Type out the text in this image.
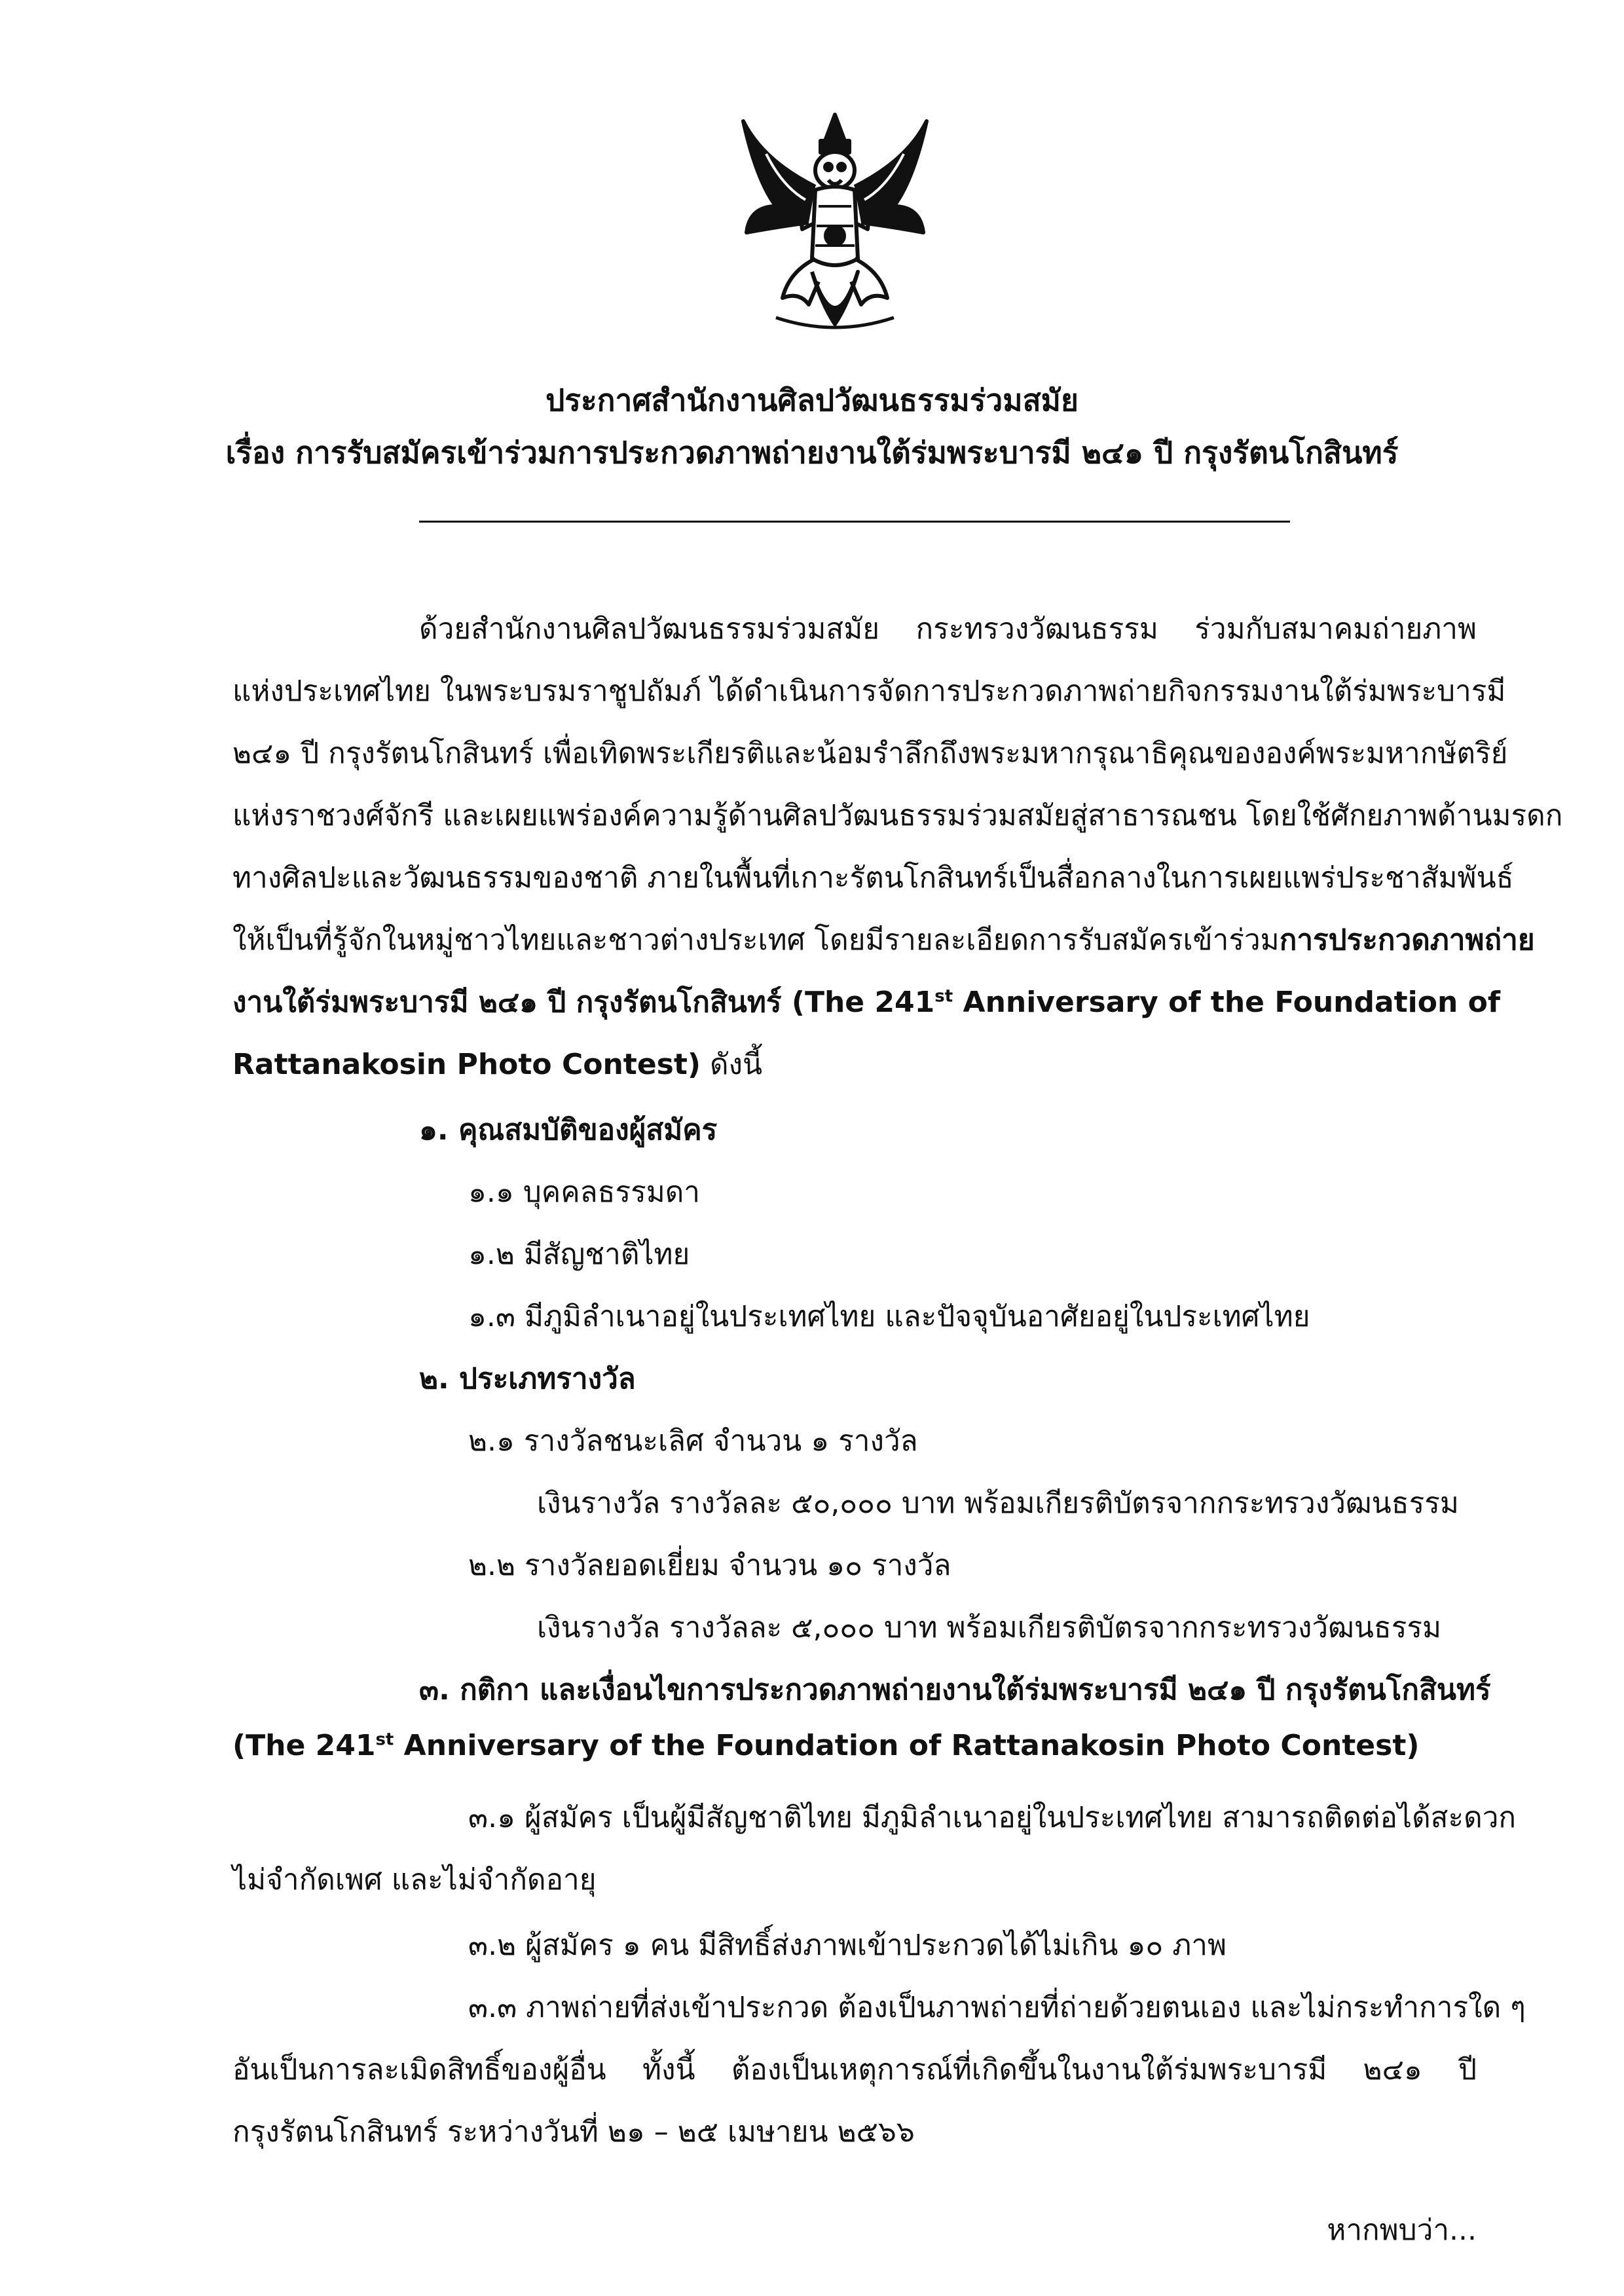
ประกาศสำนักงานศิลปวัฒนธรรมร่วมสมัย
เรื่อง การรับสมัครเข้าร่วมการประกวดภาพถ่ายงานใต้ร่มพระบารมี ๒๔๑ ปี กรุงรัตนโกสินทร์
ด้วยสำนักงานศิลปวัฒนธรรมร่วมสมัย กระทรวงวัฒนธรรม ร่วมกับสมาคมถ่ายภาพ
แห่งประเทศไทย ในพระบรมราชูปถัมภ์ ได้ดำเนินการจัดการประกวดภาพถ่ายกิจกรรมงานใต้ร่มพระบารมี
๒๔๑ ปี กรุงรัตนโกสินทร์ เพื่อเทิดพระเกียรติและน้อมรำลึกถึงพระมหากรุณาธิคุณขององค์พระมหากษัตริย์
แห่งราชวงศ์จักรี และเผยแพร่องค์ความรู้ด้านศิลปวัฒนธรรมร่วมสมัยสู่สาธารณชน โดยใช้ศักยภาพด้านมรดก
ทางศิลปะและวัฒนธรรมของชาติ ภายในพื้นที่เกาะรัตนโกสินทร์เป็นสื่อกลางในการเผยแพร่ประชาสัมพันธ์
ให้เป็นที่รู้จักในหมู่ชาวไทยและชาวต่างประเทศ โดยมีรายละเอียดการรับสมัครเข้าร่วมการประกวดภาพถ่าย
งานใต้ร่มพระบารมี ๒๔๑ ปี กรุงรัตนโกสินทร์ (The 241st Anniversary of the Foundation of
Rattanakosin Photo Contest) ดังนี้
๑. คุณสมบัติของผู้สมัคร
๑.๑ บุคคลธรรมดา
๑.๒ มีสัญชาติไทย
๑.๓ มีภูมิลำเนาอยู่ในประเทศไทย และปัจจุบันอาศัยอยู่ในประเทศไทย
๒. ประเภทรางวัล
๒.๑ รางวัลชนะเลิศ จำนวน ๑ รางวัล
เงินรางวัล รางวัลละ ๕๐,๐๐๐ บาท พร้อมเกียรติบัตรจากกระทรวงวัฒนธรรม
๒.๒ รางวัลยอดเยี่ยม จำนวน ๑๐ รางวัล
เงินรางวัล รางวัลละ ๕,๐๐๐ บาท พร้อมเกียรติบัตรจากกระทรวงวัฒนธรรม
๓. กติกา และเงื่อนไขการประกวดภาพถ่ายงานใต้ร่มพระบารมี ๒๔๑ ปี กรุงรัตนโกสินทร์
(The 241st Anniversary of the Foundation of Rattanakosin Photo Contest)
๓.๑ ผู้สมัคร เป็นผู้มีสัญชาติไทย มีภูมิลำเนาอยู่ในประเทศไทย สามารถติดต่อได้สะดวก
ไม่จำกัดเพศ และไม่จำกัดอายุ
๓.๒ ผู้สมัคร ๑ คน มีสิทธิ์ส่งภาพเข้าประกวดได้ไม่เกิน ๑๐ ภาพ
๓.๓ ภาพถ่ายที่ส่งเข้าประกวด ต้องเป็นภาพถ่ายที่ถ่ายด้วยตนเอง และไม่กระทำการใด ๆ
อันเป็นการละเมิดสิทธิ์ของผู้อื่น ทั้งนี้ ต้องเป็นเหตุการณ์ที่เกิดขึ้นในงานใต้ร่มพระบารมี ๒๔๑ ปี
กรุงรัตนโกสินทร์ ระหว่างวันที่ ๒๑ – ๒๕ เมษายน ๒๕๖๖
หากพบว่า...
